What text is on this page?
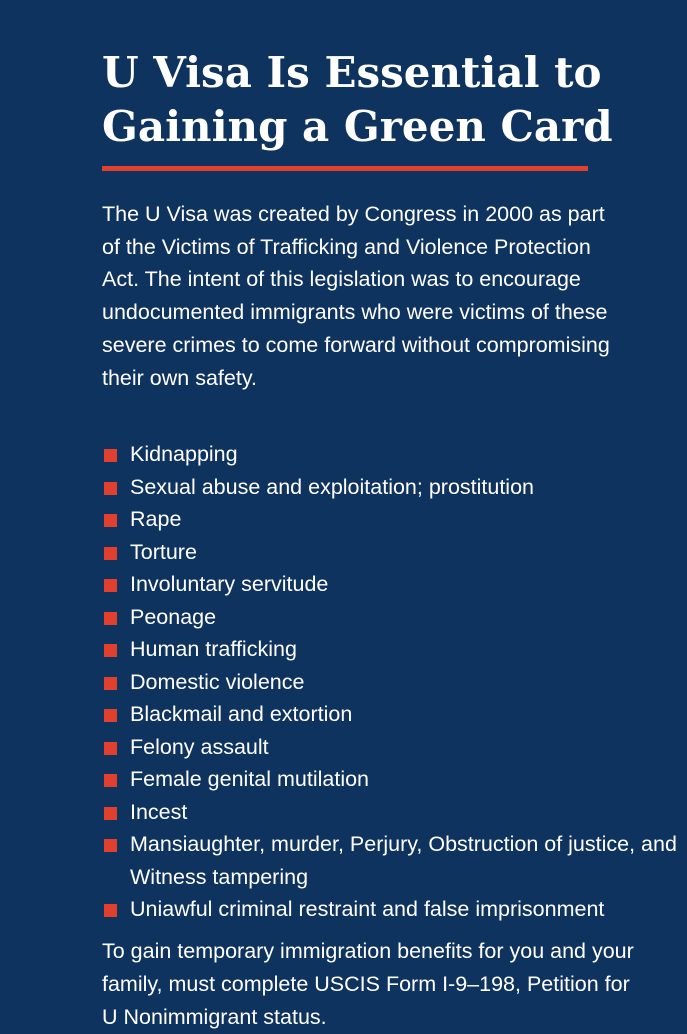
U Visa Is Essential to Gaining a Green Card

The U Visa was created by Congress in 2000 as part of the Victims of Trafficking and Violence Protection Act. The intent of this legislation was to encourage undocumented immigrants who were victims of these severe crimes to come forward without compromising their own safety.

Kidnapping
Sexual abuse and exploitation; prostitution
Rape
Torture
Involuntary servitude
Peonage
Human trafficking
Domestic violence
Blackmail and extortion
Felony assault
Female genital mutilation
Incest
Mansiaughter, murder, Perjury, Obstruction of justice, and Witness tampering
Uniawful criminal restraint and false imprisonment

To gain temporary immigration benefits for you and your family, must complete USCIS Form I-9–198, Petition for U Nonimmigrant status.
